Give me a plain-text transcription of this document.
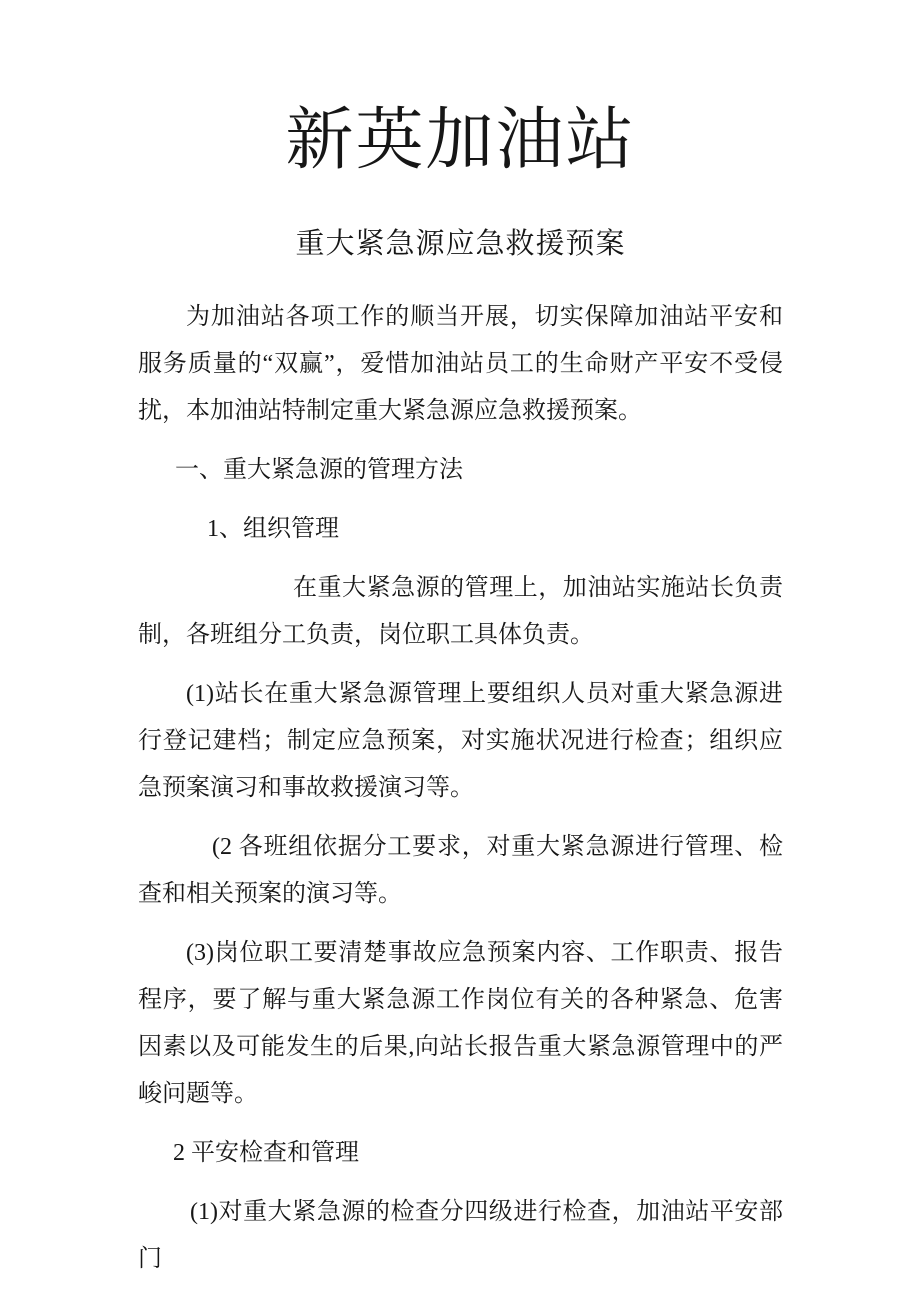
新英加油站
重大紧急源应急救援预案

为加油站各项工作的顺当开展，切实保障加油站平安和服务质量的“双赢”，爱惜加油站员工的生命财产平安不受侵扰，本加油站特制定重大紧急源应急救援预案。

一、重大紧急源的管理方法

1、组织管理

在重大紧急源的管理上，加油站实施站长负责制，各班组分工负责，岗位职工具体负责。

(1)站长在重大紧急源管理上要组织人员对重大紧急源进行登记建档；制定应急预案，对实施状况进行检查；组织应急预案演习和事故救援演习等。

(2 各班组依据分工要求，对重大紧急源进行管理、检查和相关预案的演习等。

(3)岗位职工要清楚事故应急预案内容、工作职责、报告程序，要了解与重大紧急源工作岗位有关的各种紧急、危害因素以及可能发生的后果,向站长报告重大紧急源管理中的严峻问题等。

2 平安检查和管理

(1)对重大紧急源的检查分四级进行检查，加油站平安部门
